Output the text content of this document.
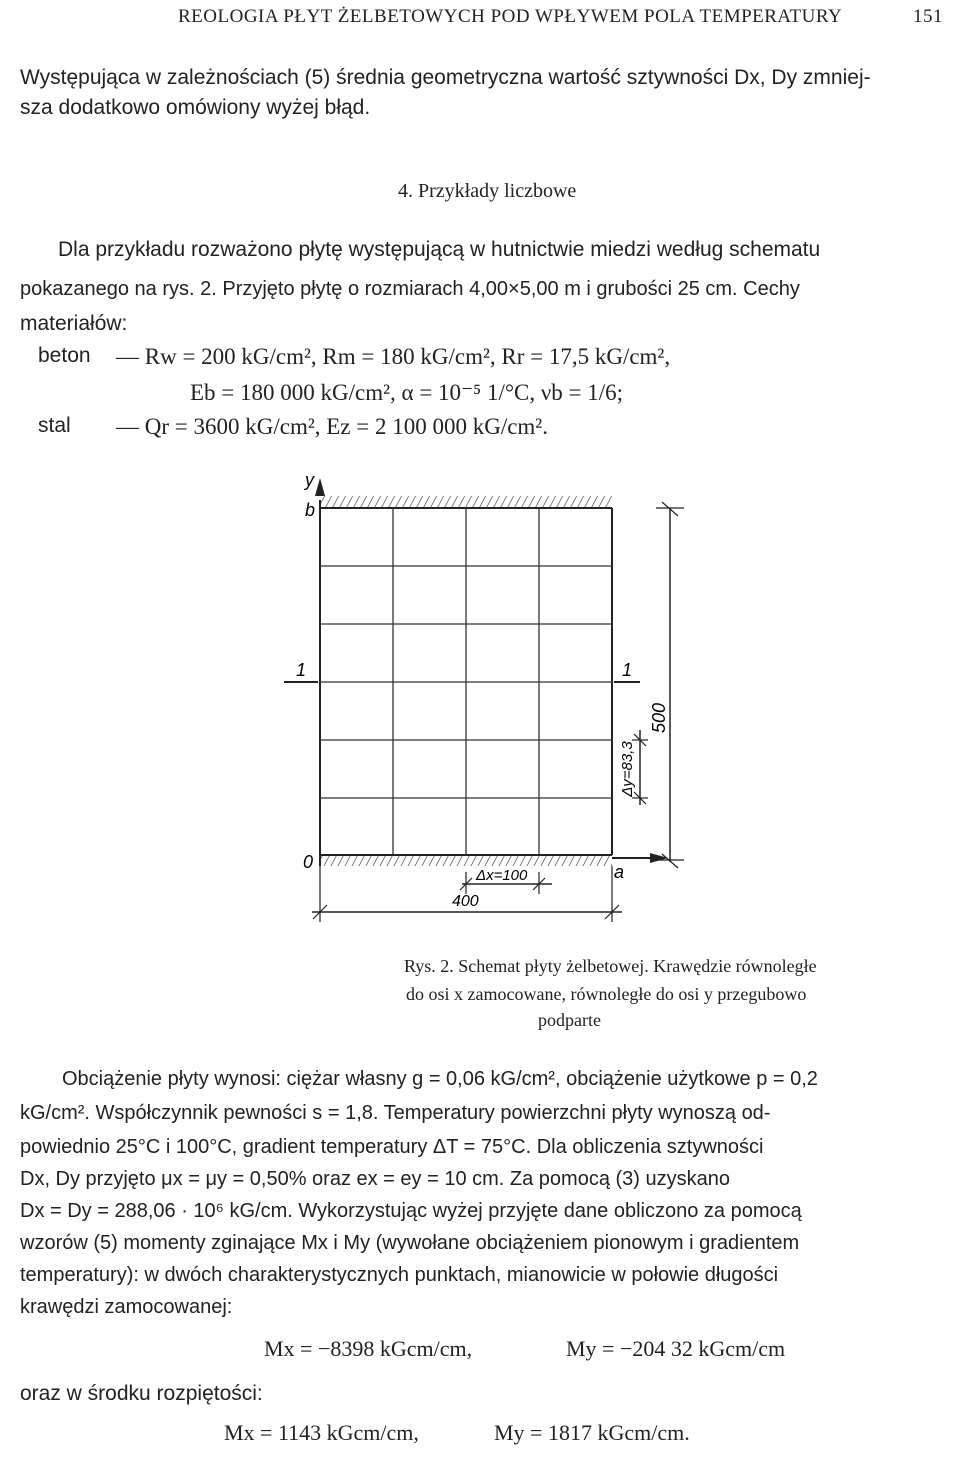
REOLOGIA PŁYT ŻELBETOWYCH POD WPŁYWEM POLA TEMPERATURY	151
Występująca w zależnościach (5) średnia geometryczna wartość sztywności Dx, Dy zmniej-
sza dodatkowo omówiony wyżej błąd.
4. Przykłady liczbowe
Dla przykładu rozważono płytę występującą w hutnictwie miedzi według schematu
pokazanego na rys. 2. Przyjęto płytę o rozmiarach 4,00×5,00 m i grubości 25 cm. Cechy
materiałów:
beton — Rw = 200 kG/cm², Rm = 180 kG/cm², Rr = 17,5 kG/cm²,
Eb = 180 000 kG/cm², α = 10⁻⁵ 1/°C, νb = 1/6;
stal — Qr = 3600 kG/cm², Ez = 2 100 000 kG/cm².
y
b
1	1
0	a
500
Δy=83,3
Δx=100
400
Rys. 2. Schemat płyty żelbetowej. Krawędzie równoległe
do osi x zamocowane, równoległe do osi y przegubowo
podparte
Obciążenie płyty wynosi: ciężar własny g = 0,06 kG/cm², obciążenie użytkowe p = 0,2
kG/cm². Współczynnik pewności s = 1,8. Temperatury powierzchni płyty wynoszą od-
powiednio 25°C i 100°C, gradient temperatury ΔT = 75°C. Dla obliczenia sztywności
Dx, Dy przyjęto μx = μy = 0,50% oraz ex = ey = 10 cm. Za pomocą (3) uzyskano
Dx = Dy = 288,06 · 10⁶ kG/cm. Wykorzystując wyżej przyjęte dane obliczono za pomocą
wzorów (5) momenty zginające Mx i My (wywołane obciążeniem pionowym i gradientem
temperatury): w dwóch charakterystycznych punktach, mianowicie w połowie długości
krawędzi zamocowanej:
Mx = −8398 kGcm/cm,	My = −204 32 kGcm/cm
oraz w środku rozpiętości:
Mx = 1143 kGcm/cm,	My = 1817 kGcm/cm.
